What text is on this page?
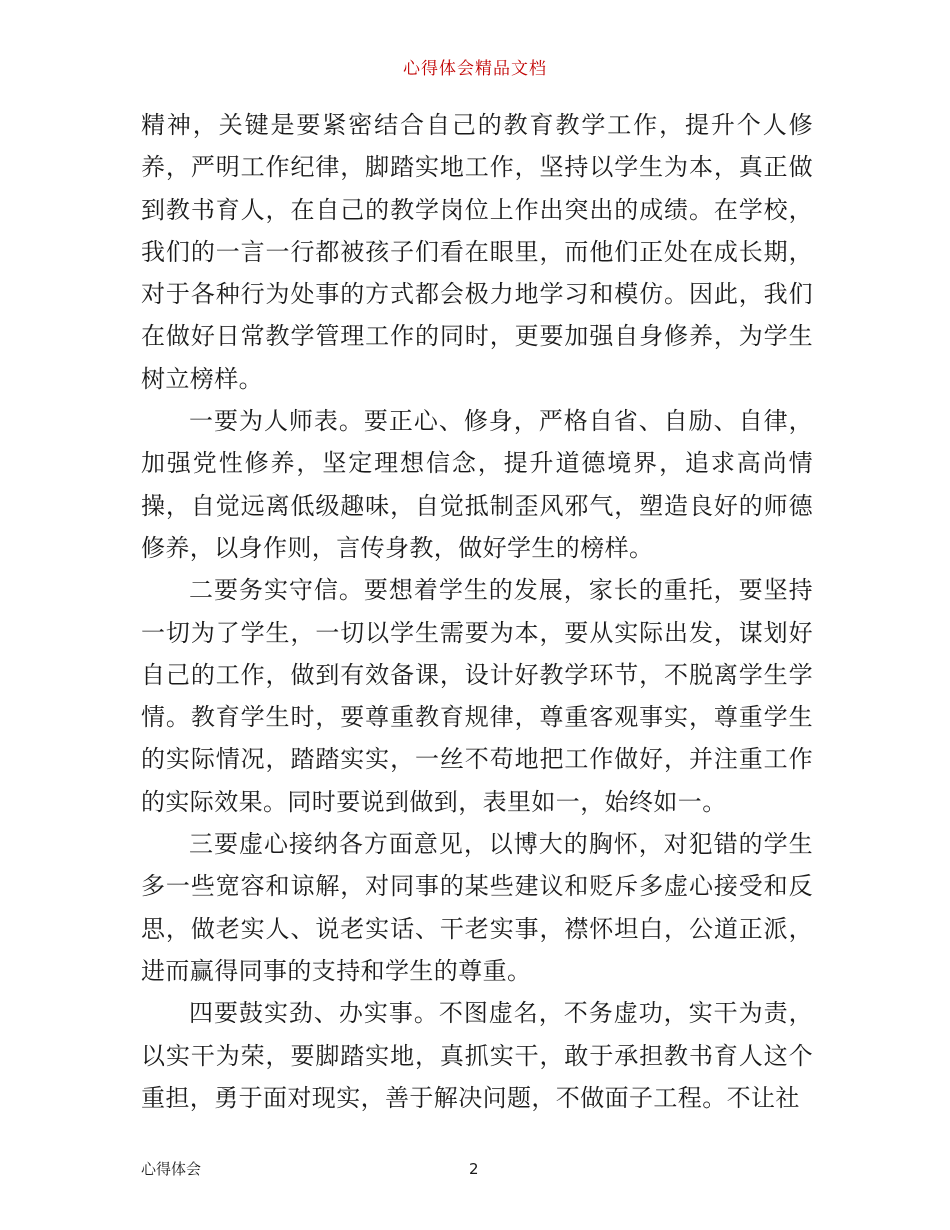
心得体会精品文档

精神，关键是要紧密结合自己的教育教学工作，提升个人修养，严明工作纪律，脚踏实地工作，坚持以学生为本，真正做到教书育人，在自己的教学岗位上作出突出的成绩。在学校，我们的一言一行都被孩子们看在眼里，而他们正处在成长期，对于各种行为处事的方式都会极力地学习和模仿。因此，我们在做好日常教学管理工作的同时，更要加强自身修养，为学生树立榜样。

一要为人师表。要正心、修身，严格自省、自励、自律，加强党性修养，坚定理想信念，提升道德境界，追求高尚情操，自觉远离低级趣味，自觉抵制歪风邪气，塑造良好的师德修养，以身作则，言传身教，做好学生的榜样。

二要务实守信。要想着学生的发展，家长的重托，要坚持一切为了学生，一切以学生需要为本，要从实际出发，谋划好自己的工作，做到有效备课，设计好教学环节，不脱离学生学情。教育学生时，要尊重教育规律，尊重客观事实，尊重学生的实际情况，踏踏实实，一丝不苟地把工作做好，并注重工作的实际效果。同时要说到做到，表里如一，始终如一。

三要虚心接纳各方面意见，以博大的胸怀，对犯错的学生多一些宽容和谅解，对同事的某些建议和贬斥多虚心接受和反思，做老实人、说老实话、干老实事，襟怀坦白，公道正派，进而赢得同事的支持和学生的尊重。

四要鼓实劲、办实事。不图虚名，不务虚功，实干为责，以实干为荣，要脚踏实地，真抓实干，敢于承担教书育人这个重担，勇于面对现实，善于解决问题，不做面子工程。不让社

心得体会	2
